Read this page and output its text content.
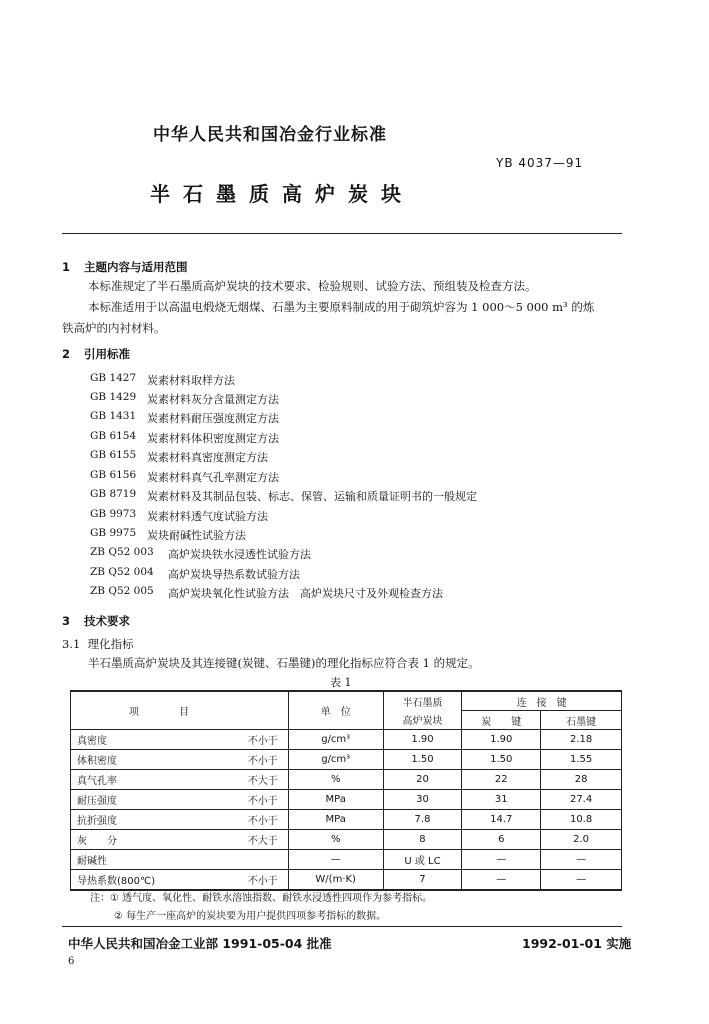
中华人民共和国冶金行业标准
YB 4037—91
半石墨质高炉炭块
1 主题内容与适用范围
本标准规定了半石墨质高炉炭块的技术要求、检验规则、试验方法、预组装及检查方法。
本标准适用于以高温电煅烧无烟煤、石墨为主要原料制成的用于砌筑炉容为 1 000～5 000 m³ 的炼
铁高炉的内衬材料。
2 引用标准
GB 1427 炭素材料取样方法
GB 1429 炭素材料灰分含量测定方法
GB 1431 炭素材料耐压强度测定方法
GB 6154 炭素材料体积密度测定方法
GB 6155 炭素材料真密度测定方法
GB 6156 炭素材料真气孔率测定方法
GB 8719 炭素材料及其制品包装、标志、保管、运输和质量证明书的一般规定
GB 9973 炭素材料透气度试验方法
GB 9975 炭块耐碱性试验方法
ZB Q52 003 高炉炭块铁水浸透性试验方法
ZB Q52 004 高炉炭块导热系数试验方法
ZB Q52 005 高炉炭块氧化性试验方法　高炉炭块尺寸及外观检查方法
3 技术要求
3.1 理化指标
半石墨质高炉炭块及其连接键(炭键、石墨键)的理化指标应符合表 1 的规定。
表 1
项　　　　目		单　位	半石墨质	连　接　键	
			高炉炭块	炭　　键	石墨键
真密度	不小于	g/cm³	1.90	1.90	2.18
体积密度	不小于	g/cm³	1.50	1.50	1.55
真气孔率	不大于	%	20	22	28
耐压强度	不小于	MPa	30	31	27.4
抗折强度	不小于	MPa	7.8	14.7	10.8
灰　　分	不大于	%	8	6	2.0
耐碱性		—	U 或 LC	—	—
导热系数(800℃)	不小于	W/(m·K)	7	—	—
注：① 透气度、氧化性、耐铁水溶蚀指数、耐铁水浸透性四项作为参考指标。
② 每生产一座高炉的炭块要为用户提供四项参考指标的数据。
中华人民共和国冶金工业部 1991-05-04 批准	1992-01-01 实施
6
